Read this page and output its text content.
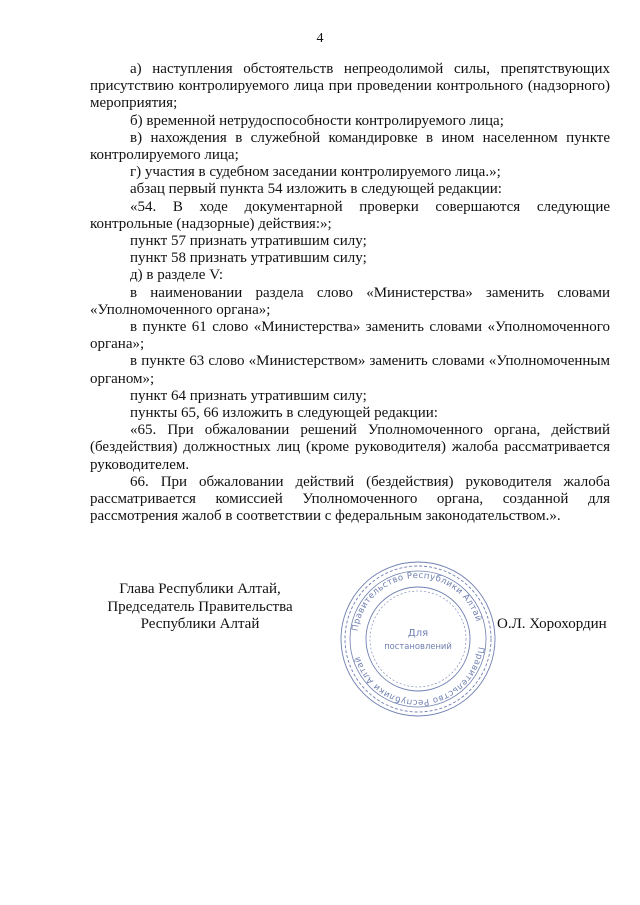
4

а) наступления обстоятельств непреодолимой силы, препятствующих присутствию контролируемого лица при проведении контрольного (надзорного) мероприятия;

б) временной нетрудоспособности контролируемого лица;

в) нахождения в служебной командировке в ином населенном пункте контролируемого лица;

г) участия в судебном заседании контролируемого лица.»;

абзац первый пункта 54 изложить в следующей редакции:

«54. В ходе документарной проверки совершаются следующие контрольные (надзорные) действия:»;

пункт 57 признать утратившим силу;

пункт 58 признать утратившим силу;

д) в разделе V:

в наименовании раздела слово «Министерства» заменить словами «Уполномоченного органа»;

в пункте 61 слово «Министерства» заменить словами «Уполномоченного органа»;

в пункте 63 слово «Министерством» заменить словами «Уполномоченным органом»;

пункт 64 признать утратившим силу;

пункты 65, 66 изложить в следующей редакции:

«65. При обжаловании решений Уполномоченного органа, действий (бездействия) должностных лиц (кроме руководителя) жалоба рассматривается руководителем.

66. При обжаловании действий (бездействия) руководителя жалоба рассматривается комиссией Уполномоченного органа, созданной для рассмотрения жалоб в соответствии с федеральным законодательством.».

Глава Республики Алтай,
Председатель Правительства
Республики Алтай	Правительство Республики Алтай
Правительство Республики Алтай
Для
постановлений
О.Л. Хорохордин
